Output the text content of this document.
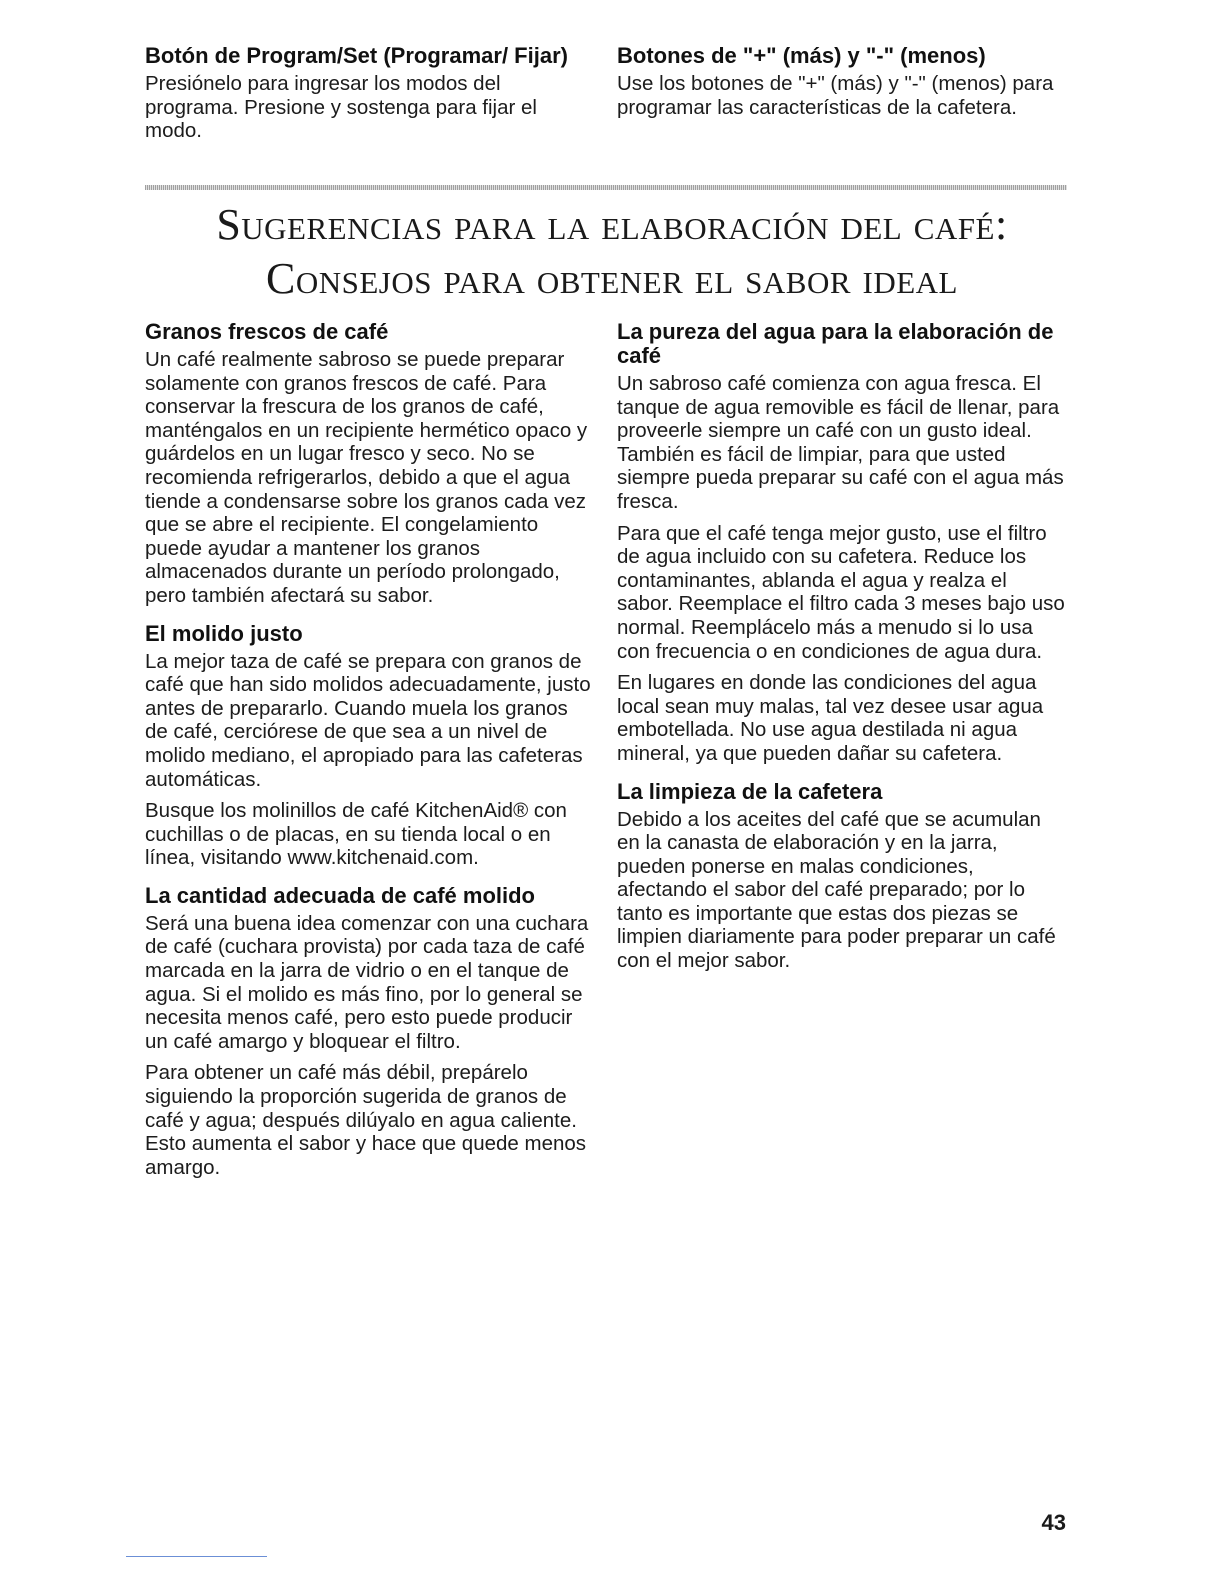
Botón de Program/Set (Programar/ Fijar)

Presiónelo para ingresar los modos del programa. Presione y sostenga para fijar el modo.

Botones de "+" (más) y "-" (menos)

Use los botones de "+" (más) y "-" (menos) para programar las características de la cafetera.

Sugerencias para la elaboración del café:
Consejos para obtener el sabor ideal
Granos frescos de café

Un café realmente sabroso se puede preparar solamente con granos frescos de café. Para conservar la frescura de los granos de café, manténgalos en un recipiente hermético opaco y guárdelos en un lugar fresco y seco. No se recomienda refrigerarlos, debido a que el agua tiende a condensarse sobre los granos cada vez que se abre el recipiente. El congelamiento puede ayudar a mantener los granos almacenados durante un período prolongado, pero también afectará su sabor.

El molido justo

La mejor taza de café se prepara con granos de café que han sido molidos adecuadamente, justo antes de prepararlo. Cuando muela los granos de café, cerciórese de que sea a un nivel de molido mediano, el apropiado para las cafeteras automáticas.

Busque los molinillos de café KitchenAid® con cuchillas o de placas, en su tienda local o en línea, visitando www.kitchenaid.com.

La cantidad adecuada de café molido

Será una buena idea comenzar con una cuchara de café (cuchara provista) por cada taza de café marcada en la jarra de vidrio o en el tanque de agua. Si el molido es más fino, por lo general se necesita menos café, pero esto puede producir un café amargo y bloquear el filtro.

Para obtener un café más débil, prepárelo siguiendo la proporción sugerida de granos de café y agua; después dilúyalo en agua caliente. Esto aumenta el sabor y hace que quede menos amargo.

La pureza del agua para la elaboración de café

Un sabroso café comienza con agua fresca. El tanque de agua removible es fácil de llenar, para proveerle siempre un café con un gusto ideal. También es fácil de limpiar, para que usted siempre pueda preparar su café con el agua más fresca.

Para que el café tenga mejor gusto, use el filtro de agua incluido con su cafetera. Reduce los contaminantes, ablanda el agua y realza el sabor. Reemplace el filtro cada 3 meses bajo uso normal. Reemplácelo más a menudo si lo usa con frecuencia o en condiciones de agua dura.

En lugares en donde las condiciones del agua local sean muy malas, tal vez desee usar agua embotellada. No use agua destilada ni agua mineral, ya que pueden dañar su cafetera.

La limpieza de la cafetera

Debido a los aceites del café que se acumulan en la canasta de elaboración y en la jarra, pueden ponerse en malas condiciones, afectando el sabor del café preparado; por lo tanto es importante que estas dos piezas se limpien diariamente para poder preparar un café con el mejor sabor.

43
